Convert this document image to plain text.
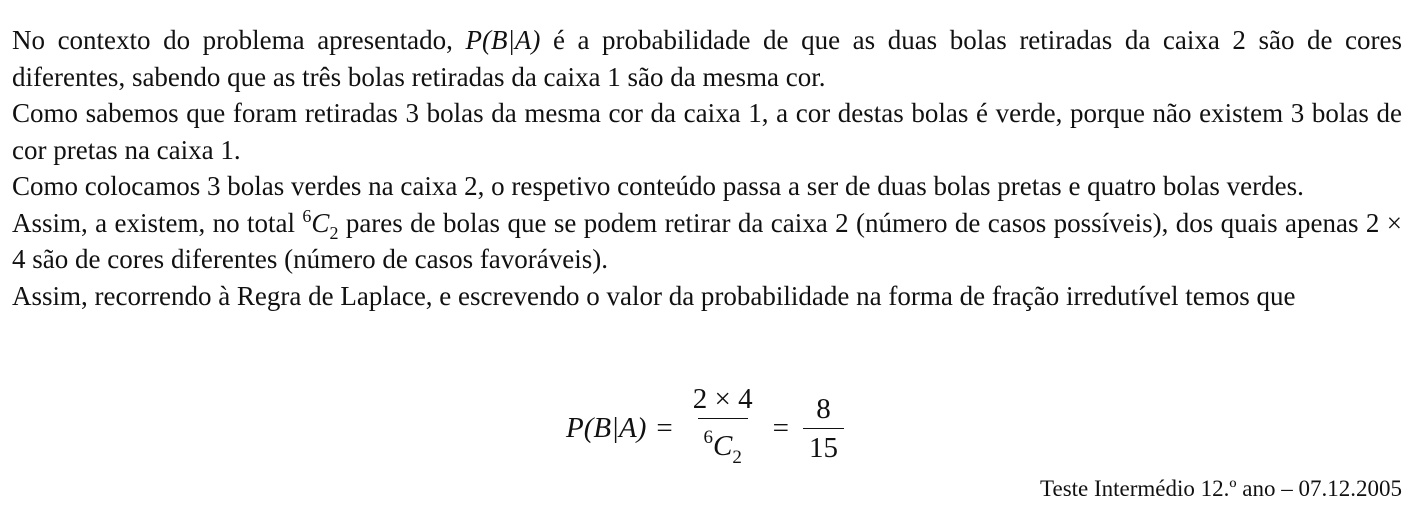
No contexto do problema apresentado, P(B|A) é a probabilidade de que as duas bolas retiradas da caixa 2 são de cores diferentes, sabendo que as três bolas retiradas da caixa 1 são da mesma cor.

Como sabemos que foram retiradas 3 bolas da mesma cor da caixa 1, a cor destas bolas é verde, porque não existem 3 bolas de cor pretas na caixa 1.

Como colocamos 3 bolas verdes na caixa 2, o respetivo conteúdo passa a ser de duas bolas pretas e quatro bolas verdes.

Assim, a existem, no total $^6C_2$ pares de bolas que se podem retirar da caixa 2 (número de casos possíveis), dos quais apenas 2 × 4 são de cores diferentes (número de casos favoráveis).

Assim, recorrendo à Regra de Laplace, e escrevendo o valor da probabilidade na forma de fração irredutível temos que

$P(B|A) = \frac{2 \times 4}{^6C_2} = \frac{8}{15}$
Teste Intermédio 12.º ano – 07.12.2005
